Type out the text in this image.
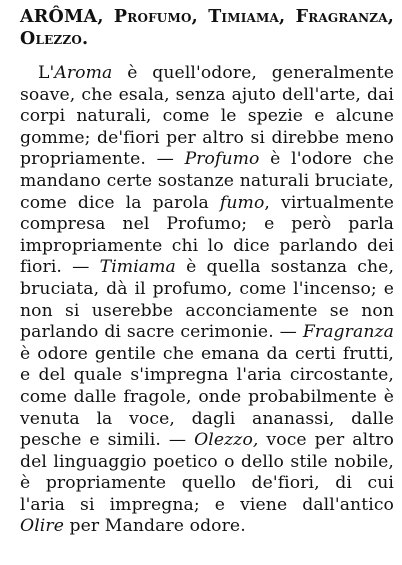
ARÔMA, Profumo, Timiama, Fragranza, Olezzo.

L'Aroma è quell'odore, generalmente soave, che esala, senza ajuto dell'arte, dai corpi naturali, come le spezie e alcune gomme; de'fiori per altro si direbbe meno propriamente. — Profumo è l'odore che mandano certe sostanze naturali bruciate, come dice la parola fumo, virtualmente compresa nel Profumo; e però parla impropriamente chi lo dice parlando dei fiori. — Timiama è quella sostanza che, bruciata, dà il profumo, come l'incenso; e non si userebbe acconciamente se non parlando di sacre cerimonie. — Fragranza è odore gentile che emana da certi frutti, e del quale s'impregna l'aria circostante, come dalle fragole, onde probabilmente è venuta la voce, dagli ananassi, dalle pesche e simili. — Olezzo, voce per altro del linguaggio poetico o dello stile nobile, è propriamente quello de'fiori, di cui l'aria si impregna; e viene dall'antico Olire per Mandare odore.
